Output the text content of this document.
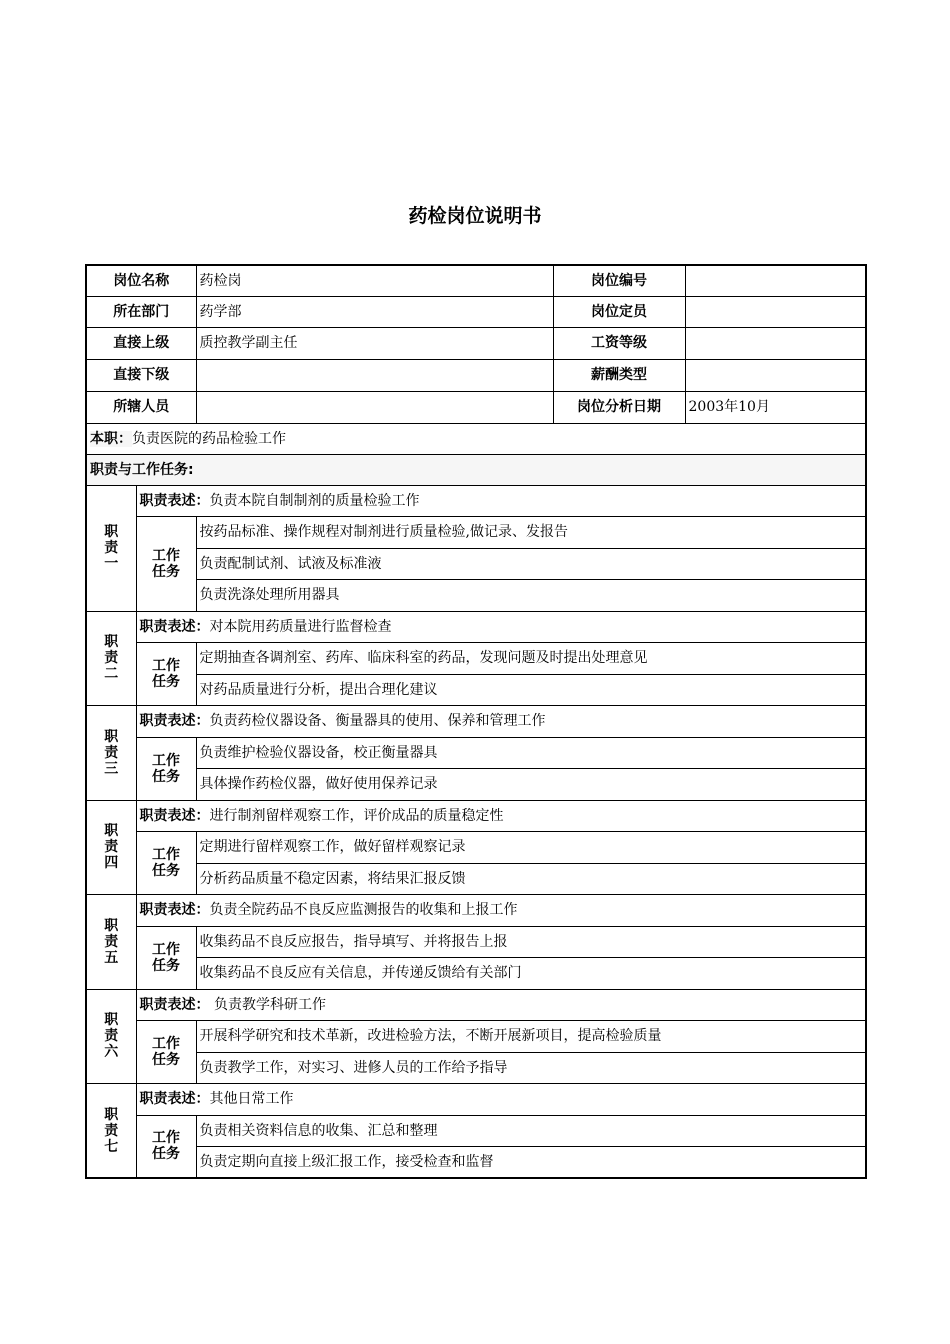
药检岗位说明书
岗位名称		药检岗	岗位编号	
所在部门		药学部	岗位定员	
直接上级		质控教学副主任	工资等级	
直接下级			薪酬类型	
所辖人员			岗位分析日期	2003年10月
本职：负责医院的药品检验工作				
职责与工作任务:				

职
责
一	职责表述：负责本院自制制剂的质量检验工作			

	工作
任务	按药品标准、操作规程对制剂进行质量检验,做记录、发报告		
		负责配制试剂、试液及标准液		
		负责洗涤处理所用器具		

职
责
二	职责表述：对本院用药质量进行监督检查			

	工作
任务	定期抽查各调剂室、药库、临床科室的药品，发现问题及时提出处理意见		
		对药品质量进行分析，提出合理化建议		

职
责
三	职责表述：负责药检仪器设备、衡量器具的使用、保养和管理工作			

	工作
任务	负责维护检验仪器设备，校正衡量器具		
		具体操作药检仪器，做好使用保养记录		

职
责
四	职责表述：进行制剂留样观察工作，评价成品的质量稳定性			

	工作
任务	定期进行留样观察工作，做好留样观察记录		
		分析药品质量不稳定因素，将结果汇报反馈		

职
责
五	职责表述：负责全院药品不良反应监测报告的收集和上报工作			

	工作
任务	收集药品不良反应报告，指导填写、并将报告上报		
		收集药品不良反应有关信息，并传递反馈给有关部门		

职
责
六	职责表述： 负责教学科研工作			

	工作
任务	开展科学研究和技术革新，改进检验方法，不断开展新项目，提高检验质量		
		负责教学工作，对实习、进修人员的工作给予指导		

职
责
七	职责表述：其他日常工作			

	工作
任务	负责相关资料信息的收集、汇总和整理		
		负责定期向直接上级汇报工作，接受检查和监督		
